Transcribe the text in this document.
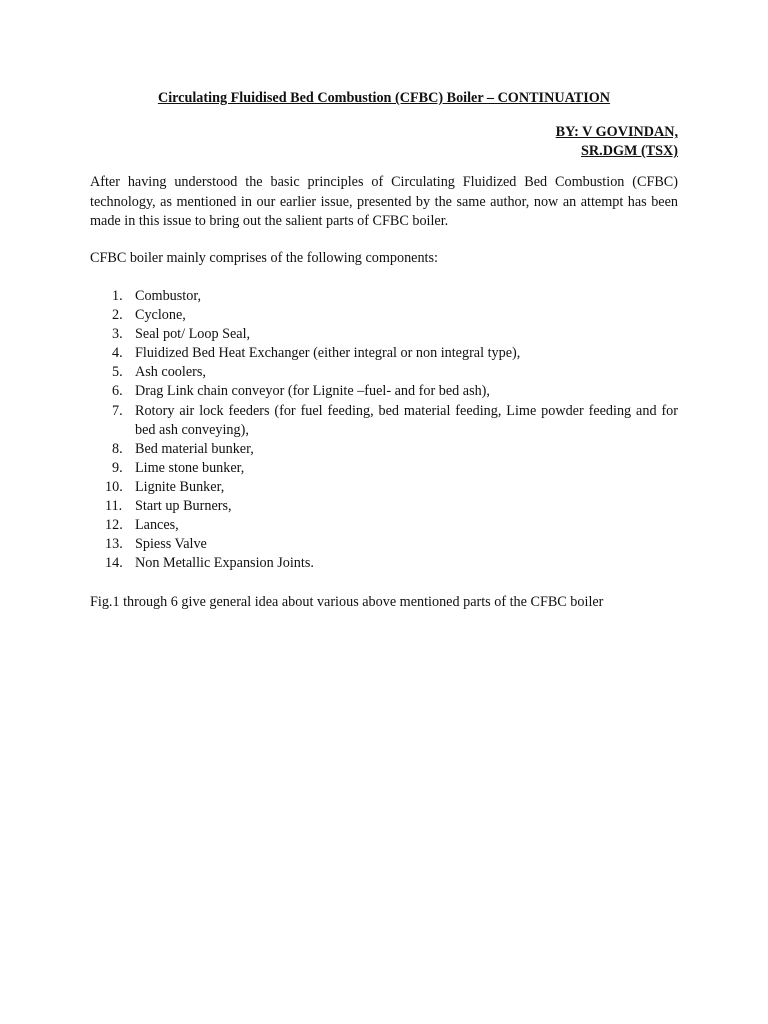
Circulating Fluidised Bed Combustion (CFBC) Boiler – CONTINUATION
BY: V GOVINDAN,
SR.DGM (TSX)
After having understood the basic principles of Circulating Fluidized Bed Combustion (CFBC) technology, as mentioned in our earlier issue, presented by the same author, now an attempt has been made in this issue to bring out the salient parts of CFBC boiler.
CFBC boiler mainly comprises of the following components:
1. Combustor,
2. Cyclone,
3. Seal pot/ Loop Seal,
4. Fluidized Bed Heat Exchanger (either integral or non integral type),
5. Ash coolers,
6. Drag Link chain conveyor (for Lignite –fuel- and for bed ash),
7. Rotory air lock feeders (for fuel feeding, bed material feeding, Lime powder feeding and for bed ash conveying),
8. Bed material bunker,
9. Lime stone bunker,
10. Lignite Bunker,
11. Start up Burners,
12. Lances,
13. Spiess Valve
14. Non Metallic Expansion Joints.
Fig.1 through 6 give general idea about various above mentioned parts of the CFBC boiler
